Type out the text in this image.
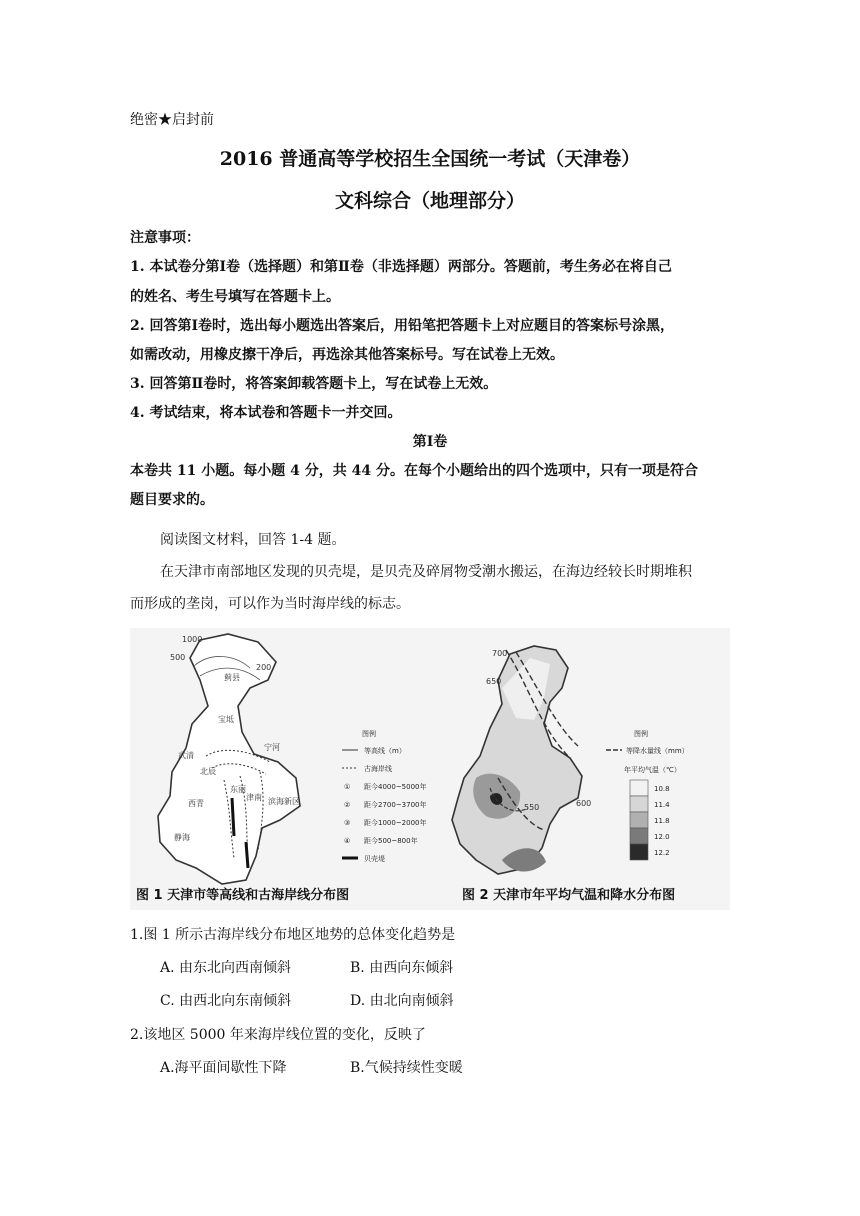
绝密★启封前
2016 普通高等学校招生全国统一考试（天津卷）
文科综合（地理部分）
注意事项：
1. 本试卷分第Ⅰ卷（选择题）和第Ⅱ卷（非选择题）两部分。答题前，考生务必在将自己
的姓名、考生号填写在答题卡上。
2. 回答第Ⅰ卷时，选出每小题选出答案后，用铅笔把答题卡上对应题目的答案标号涂黑，
如需改动，用橡皮擦干净后，再选涂其他答案标号。写在试卷上无效。
3. 回答第Ⅱ卷时，将答案卸载答题卡上，写在试卷上无效。
4. 考试结束，将本试卷和答题卡一并交回。
第Ⅰ卷
本卷共 11 小题。每小题 4 分，共 44 分。在每个小题给出的四个选项中，只有一项是符合
题目要求的。
阅读图文材料，回答 1-4 题。
在天津市南部地区发现的贝壳堤，是贝壳及碎屑物受潮水搬运，在海边经较长时期堆积
而形成的垄岗，可以作为当时海岸线的标志。
1000
500
200
蓟县
宝坻
武清
北辰
宁河
东丽
西青
津南 滨海新区
静海
图例
等高线（m）
古海岸线
① 距今4000~5000年
② 距今2700~3700年
③ 距今1000~2000年
④ 距今500~800年
贝壳堤
700
650
600
550
图例
等降水量线（mm）
年平均气温（℃）
10.8
11.4
11.8
12.0
12.2
图 1 天津市等高线和古海岸线分布图	图 2 天津市年平均气温和降水分布图
1.图 1 所示古海岸线分布地区地势的总体变化趋势是
A. 由东北向西南倾斜	B. 由西向东倾斜
C. 由西北向东南倾斜	D. 由北向南倾斜
2.该地区 5000 年来海岸线位置的变化，反映了
A.海平面间歇性下降	B.气候持续性变暖
